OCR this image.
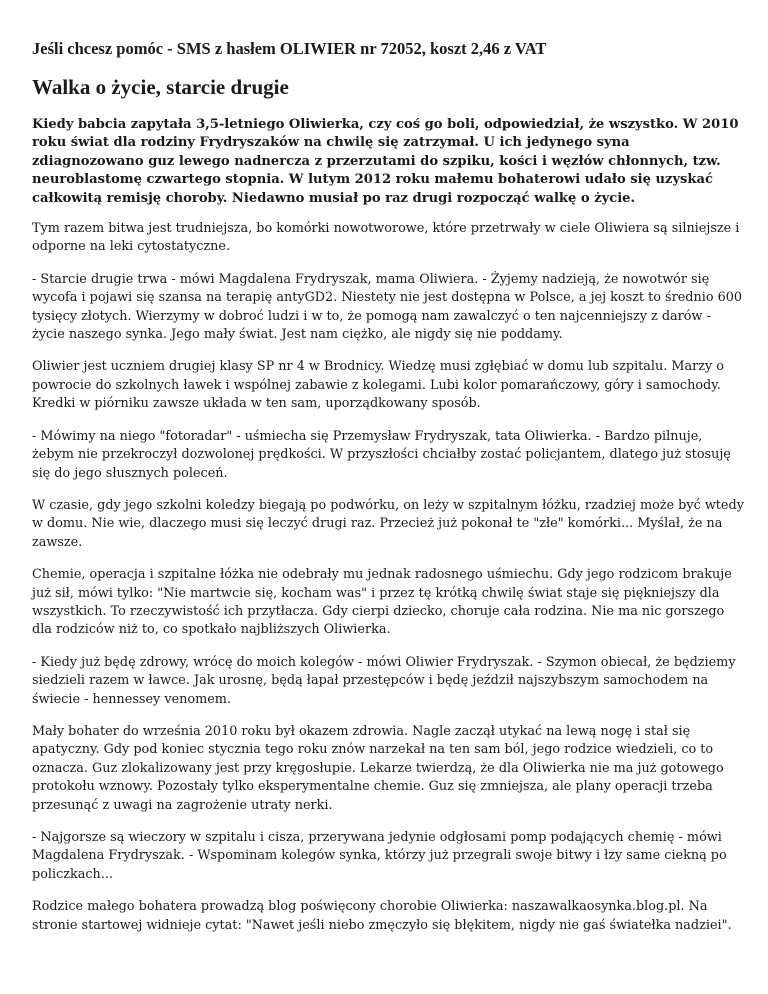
Jeśli chcesz pomóc - SMS z hasłem OLIWIER nr 72052, koszt 2,46 z VAT
Walka o życie, starcie drugie

Kiedy babcia zapytała 3,5-letniego Oliwierka, czy coś go boli, odpowiedział, że wszystko. W 2010 roku świat dla rodziny Frydryszaków na chwilę się zatrzymał. U ich jedynego syna zdiagnozowano guz lewego nadnercza z przerzutami do szpiku, kości i węzłów chłonnych, tzw. neuroblastomę czwartego stopnia. W lutym 2012 roku małemu bohaterowi udało się uzyskać całkowitą remisję choroby. Niedawno musiał po raz drugi rozpocząć walkę o życie.

Tym razem bitwa jest trudniejsza, bo komórki nowotworowe, które przetrwały w ciele Oliwiera są silniejsze i odporne na leki cytostatyczne.

- Starcie drugie trwa - mówi Magdalena Frydryszak, mama Oliwiera. - Żyjemy nadzieją, że nowotwór się wycofa i pojawi się szansa na terapię antyGD2. Niestety nie jest dostępna w Polsce, a jej koszt to średnio 600 tysięcy złotych. Wierzymy w dobroć ludzi i w to, że pomogą nam zawalczyć o ten najcenniejszy z darów - życie naszego synka. Jego mały świat. Jest nam ciężko, ale nigdy się nie poddamy.

Oliwier jest uczniem drugiej klasy SP nr 4 w Brodnicy. Wiedzę musi zgłębiać w domu lub szpitalu. Marzy o powrocie do szkolnych ławek i wspólnej zabawie z kolegami. Lubi kolor pomarańczowy, góry i samochody. Kredki w piórniku zawsze układa w ten sam, uporządkowany sposób.

- Mówimy na niego "fotoradar" - uśmiecha się Przemysław Frydryszak, tata Oliwierka. - Bardzo pilnuje, żebym nie przekroczył dozwolonej prędkości. W przyszłości chciałby zostać policjantem, dlatego już stosuję się do jego słusznych poleceń.

W czasie, gdy jego szkolni koledzy biegają po podwórku, on leży w szpitalnym łóżku, rzadziej może być wtedy w domu. Nie wie, dlaczego musi się leczyć drugi raz. Przecież już pokonał te "złe" komórki... Myślał, że na zawsze.

Chemie, operacja i szpitalne łóżka nie odebrały mu jednak radosnego uśmiechu. Gdy jego rodzicom brakuje już sił, mówi tylko: "Nie martwcie się, kocham was" i przez tę krótką chwilę świat staje się piękniejszy dla wszystkich. To rzeczywistość ich przytłacza. Gdy cierpi dziecko, choruje cała rodzina. Nie ma nic gorszego dla rodziców niż to, co spotkało najbliższych Oliwierka.

- Kiedy już będę zdrowy, wrócę do moich kolegów - mówi Oliwier Frydryszak. - Szymon obiecał, że będziemy siedzieli razem w ławce. Jak urosnę, będą łapał przestępców i będę jeździł najszybszym samochodem na świecie - hennessey venomem.

Mały bohater do września 2010 roku był okazem zdrowia. Nagle zaczął utykać na lewą nogę i stał się apatyczny. Gdy pod koniec stycznia tego roku znów narzekał na ten sam ból, jego rodzice wiedzieli, co to oznacza. Guz zlokalizowany jest przy kręgosłupie. Lekarze twierdzą, że dla Oliwierka nie ma już gotowego protokołu wznowy. Pozostały tylko eksperymentalne chemie. Guz się zmniejsza, ale plany operacji trzeba przesunąć z uwagi na zagrożenie utraty nerki.

- Najgorsze są wieczory w szpitalu i cisza, przerywana jedynie odgłosami pomp podających chemię - mówi Magdalena Frydryszak. - Wspominam kolegów synka, którzy już przegrali swoje bitwy i łzy same ciekną po policzkach...

Rodzice małego bohatera prowadzą blog poświęcony chorobie Oliwierka: naszawalkaosynka.blog.pl. Na stronie startowej widnieje cytat: "Nawet jeśli niebo zmęczyło się błękitem, nigdy nie gaś światełka nadziei".
